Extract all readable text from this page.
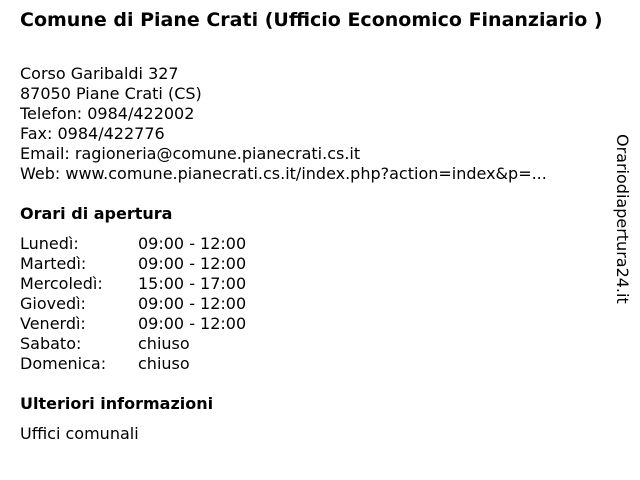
Comune di Piane Crati (Ufficio Economico Finanziario )
Corso Garibaldi 327
87050 Piane Crati (CS)
Telefon: 0984/422002
Fax: 0984/422776
Email: ragioneria@comune.pianecrati.cs.it
Web: www.comune.pianecrati.cs.it/index.php?action=index&p=...
Orari di apertura
Lunedì:	09:00 - 12:00
Martedì:	09:00 - 12:00
Mercoledì:	15:00 - 17:00
Giovedì:	09:00 - 12:00
Venerdì:	09:00 - 12:00
Sabato:	chiuso
Domenica:	chiuso
Ulteriori informazioni
Uffici comunali
Orariodiapertura24.it
